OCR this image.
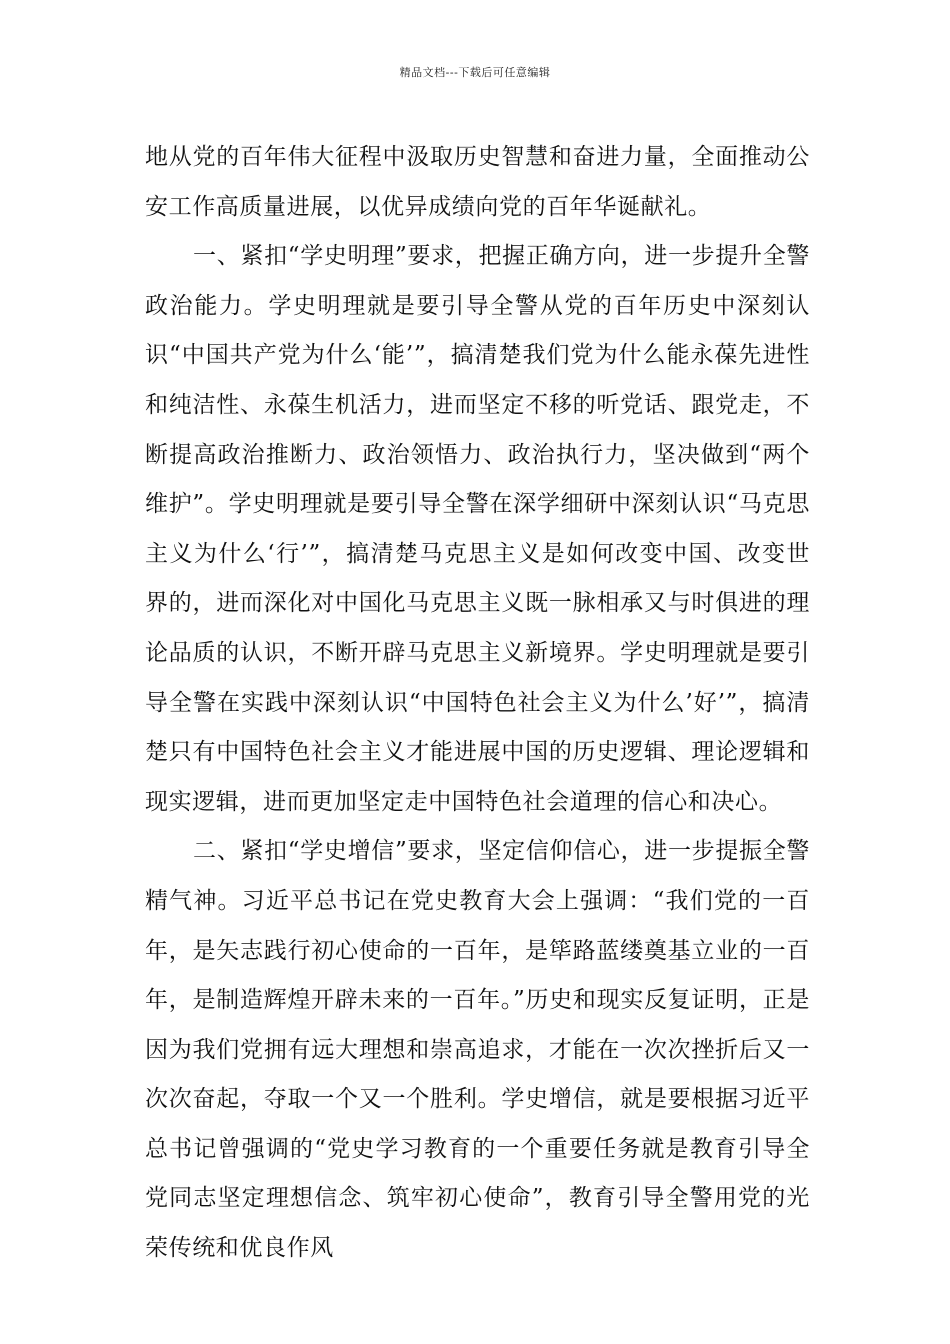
精品文档---下载后可任意编辑

地从党的百年伟大征程中汲取历史智慧和奋进力量，全面推动公安工作高质量进展，以优异成绩向党的百年华诞献礼。

一、紧扣“学史明理”要求，把握正确方向，进一步提升全警政治能力。学史明理就是要引导全警从党的百年历史中深刻认识“中国共产党为什么‘能’”，搞清楚我们党为什么能永葆先进性和纯洁性、永葆生机活力，进而坚定不移的听党话、跟党走，不断提高政治推断力、政治领悟力、政治执行力，坚决做到“两个维护”。学史明理就是要引导全警在深学细研中深刻认识“马克思主义为什么‘行’”，搞清楚马克思主义是如何改变中国、改变世界的，进而深化对中国化马克思主义既一脉相承又与时俱进的理论品质的认识，不断开辟马克思主义新境界。学史明理就是要引导全警在实践中深刻认识“中国特色社会主义为什么’好’”，搞清楚只有中国特色社会主义才能进展中国的历史逻辑、理论逻辑和现实逻辑，进而更加坚定走中国特色社会道理的信心和决心。

二、紧扣“学史增信”要求，坚定信仰信心，进一步提振全警精气神。习近平总书记在党史教育大会上强调：“我们党的一百年，是矢志践行初心使命的一百年，是筚路蓝缕奠基立业的一百年，是制造辉煌开辟未来的一百年。”历史和现实反复证明，正是因为我们党拥有远大理想和崇高追求，才能在一次次挫折后又一次次奋起，夺取一个又一个胜利。学史增信，就是要根据习近平总书记曾强调的“党史学习教育的一个重要任务就是教育引导全党同志坚定理想信念、筑牢初心使命”，教育引导全警用党的光荣传统和优良作风
